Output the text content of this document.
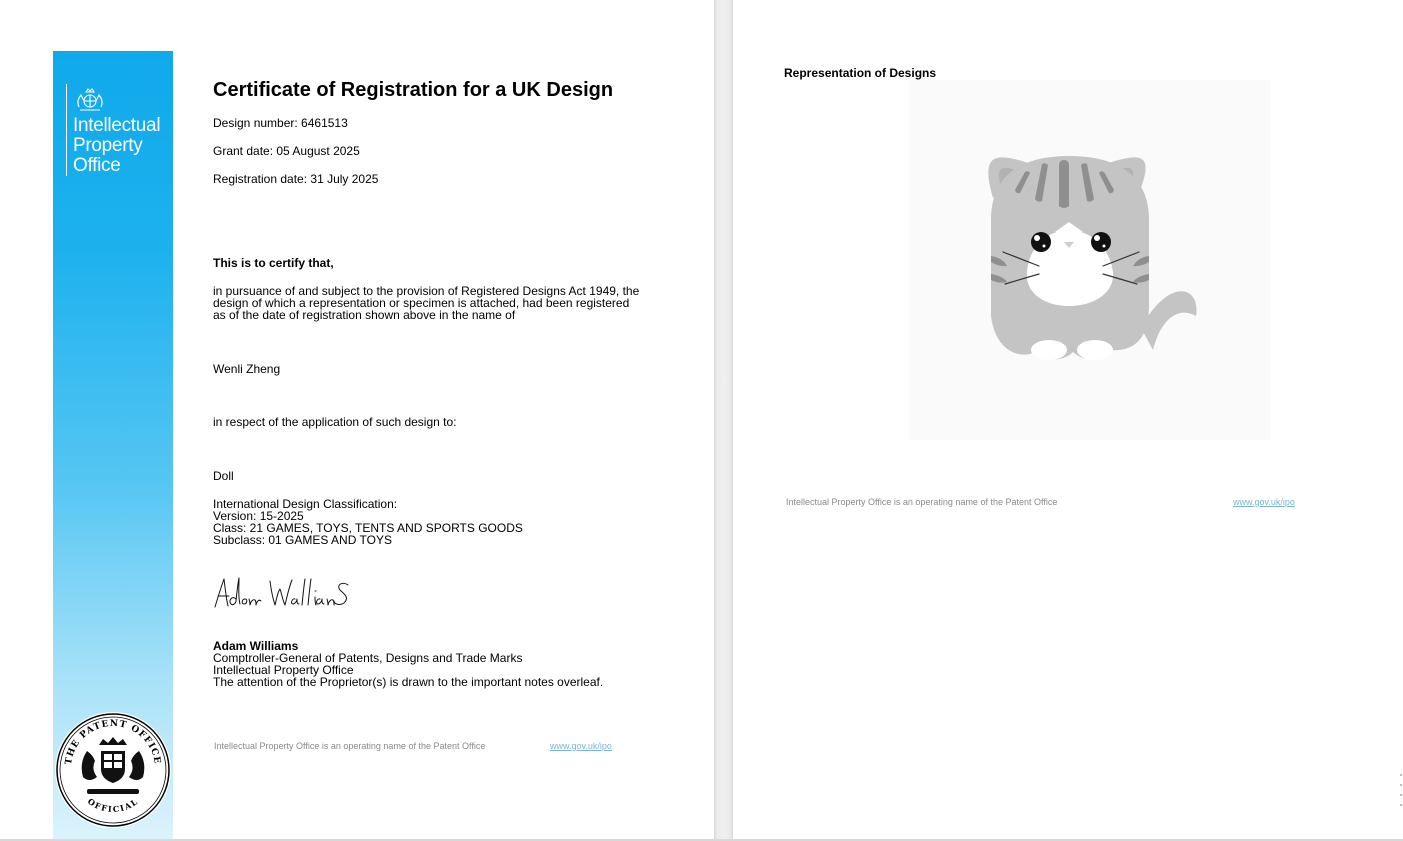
Intellectual
Property
Office
THE PATENT OFFICE
OFFICIAL
Certificate of Registration for a UK Design
Design number: 6461513
Grant date: 05 August 2025
Registration date: 31 July 2025
This is to certify that,
in pursuance of and subject to the provision of Registered Designs Act 1949, the
design of which a representation or specimen is attached, had been registered
as of the date of registration shown above in the name of
Wenli Zheng
in respect of the application of such design to:
Doll
International Design Classification:
Version: 15-2025
Class: 21 GAMES, TOYS, TENTS AND SPORTS GOODS
Subclass: 01 GAMES AND TOYS
Adam Williams
Comptroller-General of Patents, Designs and Trade Marks
Intellectual Property Office
The attention of the Proprietor(s) is drawn to the important notes overleaf.
Intellectual Property Office is an operating name of the Patent Office	www.gov.uk/ipo
Representation of Designs
Intellectual Property Office is an operating name of the Patent Office	www.gov.uk/ipo
